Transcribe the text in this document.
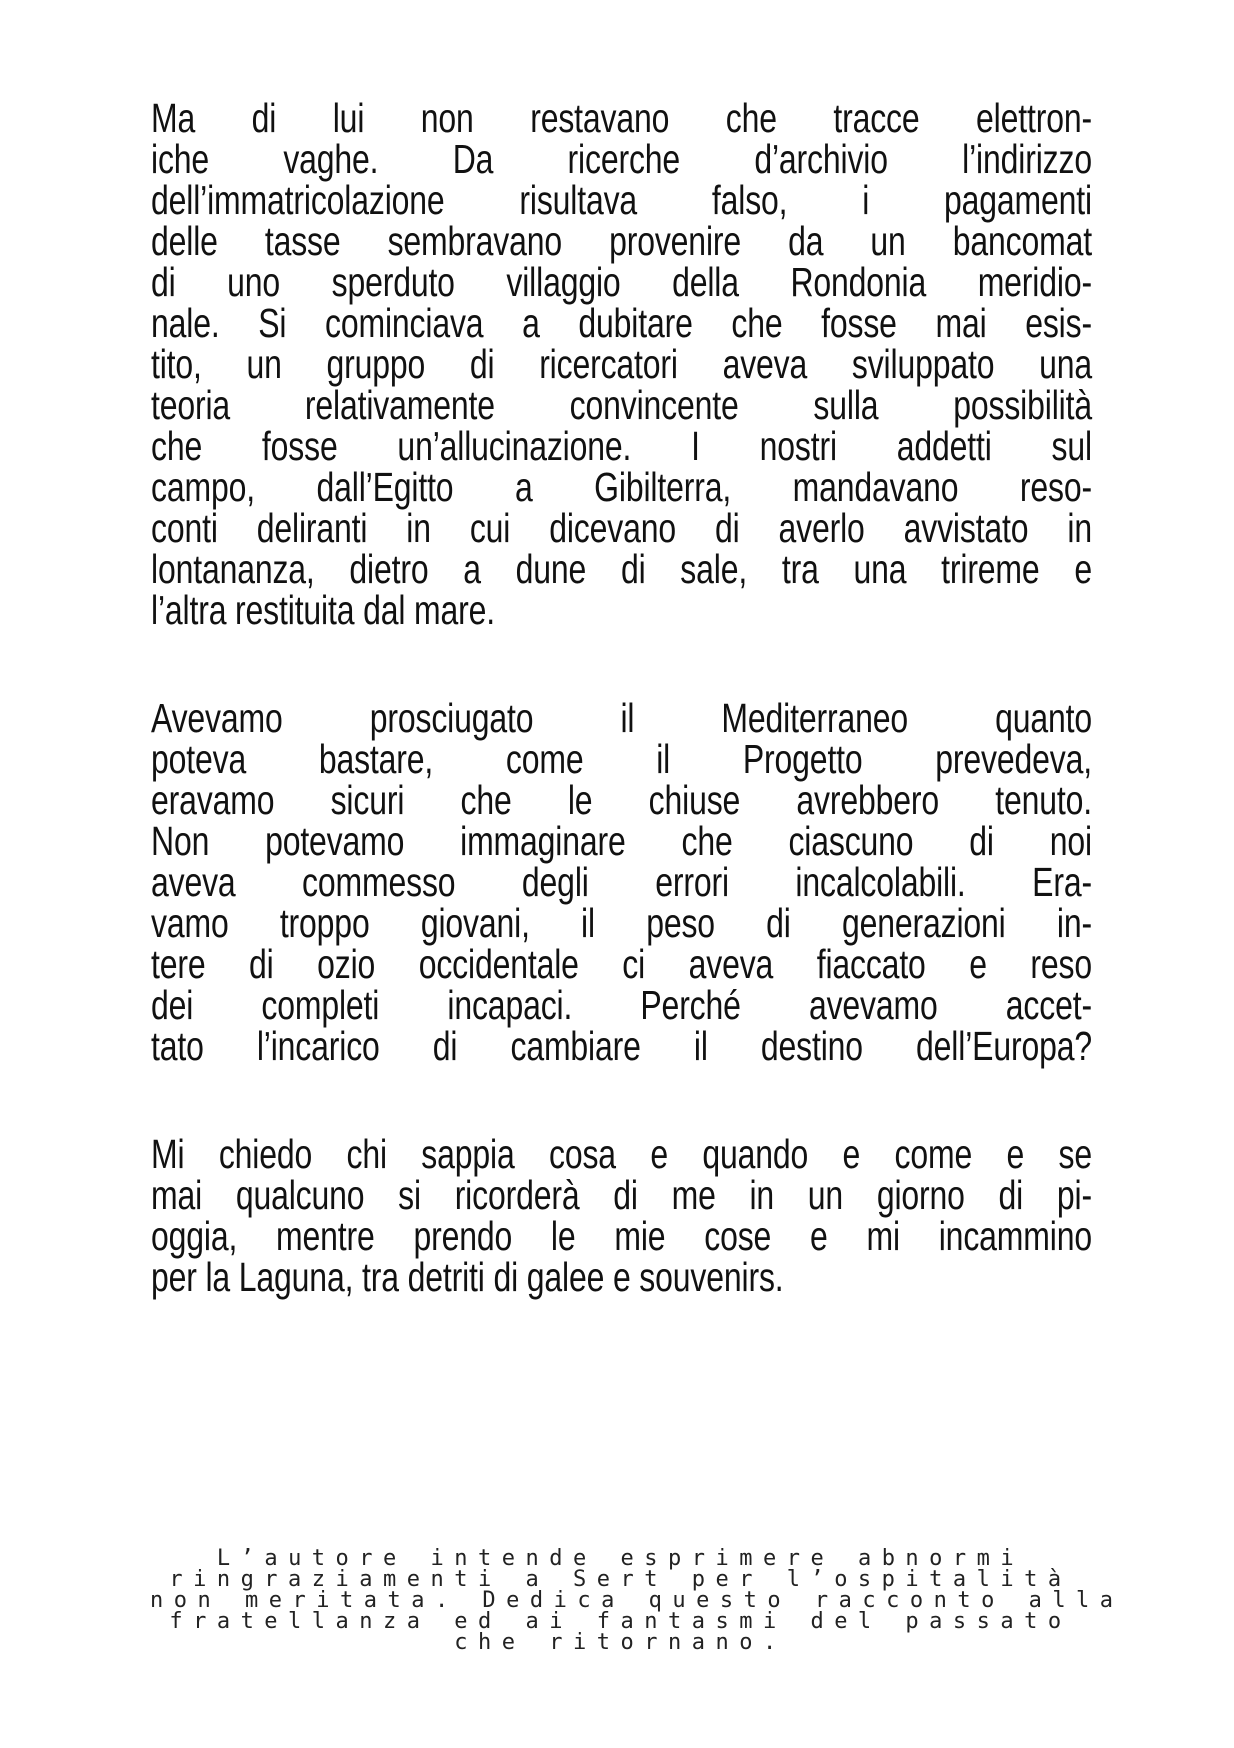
Ma di lui non restavano che tracce elettron-
iche vaghe. Da ricerche d’archivio l’indirizzo
dell’immatricolazione risultava falso, i pagamenti
delle tasse sembravano provenire da un bancomat
di uno sperduto villaggio della Rondonia meridio-
nale. Si cominciava a dubitare che fosse mai esis-
tito, un gruppo di ricercatori aveva sviluppato una
teoria relativamente convincente sulla possibilità
che fosse un’allucinazione. I nostri addetti sul
campo, dall’Egitto a Gibilterra, mandavano reso-
conti deliranti in cui dicevano di averlo avvistato in
lontananza, dietro a dune di sale, tra una trireme e
l’altra restituita dal mare.
Avevamo prosciugato il Mediterraneo quanto
poteva bastare, come il Progetto prevedeva,
eravamo sicuri che le chiuse avrebbero tenuto.
Non potevamo immaginare che ciascuno di noi
aveva commesso degli errori incalcolabili. Era-
vamo troppo giovani, il peso di generazioni in-
tere di ozio occidentale ci aveva fiaccato e reso
dei completi incapaci. Perché avevamo accet-
tato l’incarico di cambiare il destino dell’Europa?
Mi chiedo chi sappia cosa e quando e come e se
mai qualcuno si ricorderà di me in un giorno di pi-
oggia, mentre prendo le mie cose e mi incammino
per la Laguna, tra detriti di galee e souvenirs.
L’autore intende esprimere abnormi
ringraziamenti a Sert per l’ospitalità
non meritata. Dedica questo racconto alla
fratellanza ed ai fantasmi del passato
che ritornano.
